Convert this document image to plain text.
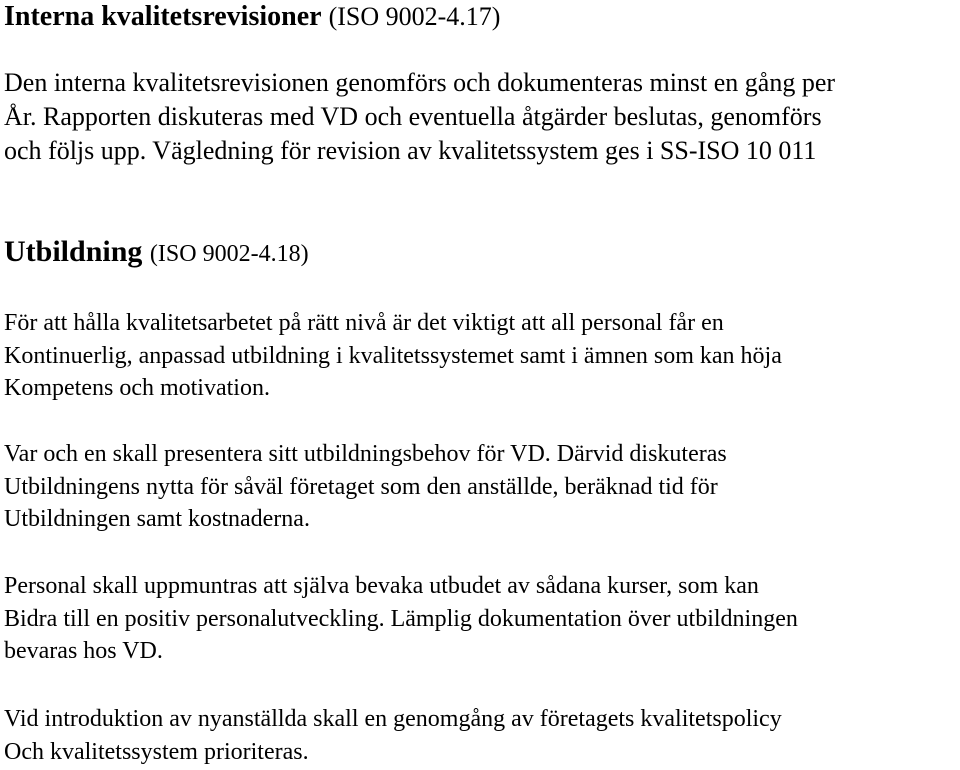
Interna kvalitetsrevisioner (ISO 9002-4.17)
Den interna kvalitetsrevisionen genomförs och dokumenteras minst en gång per
År. Rapporten diskuteras med VD och eventuella åtgärder beslutas, genomförs
och följs upp. Vägledning för revision av kvalitetssystem ges i SS-ISO 10 011
Utbildning (ISO 9002-4.18)
För att hålla kvalitetsarbetet på rätt nivå är det viktigt att all personal får en
Kontinuerlig, anpassad utbildning i kvalitetssystemet samt i ämnen som kan höja
Kompetens och motivation.
Var och en skall presentera sitt utbildningsbehov för VD. Därvid diskuteras
Utbildningens nytta för såväl företaget som den anställde, beräknad tid för
Utbildningen samt kostnaderna.
Personal skall uppmuntras att själva bevaka utbudet av sådana kurser, som kan
Bidra till en positiv personalutveckling. Lämplig dokumentation över utbildningen
bevaras hos VD.
Vid introduktion av nyanställda skall en genomgång av företagets kvalitetspolicy
Och kvalitetssystem prioriteras.
